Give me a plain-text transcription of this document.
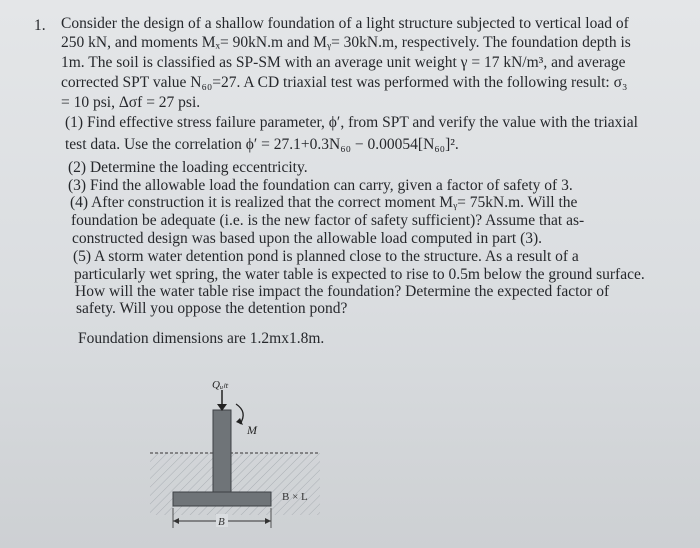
1. Consider the design of a shallow foundation of a light structure subjected to vertical load of
250 kN, and moments Mₓ= 90kN.m and Mᵧ= 30kN.m, respectively. The foundation depth is
1m. The soil is classified as SP-SM with an average unit weight γ = 17 kN/m³, and average
corrected SPT value N₆₀=27. A CD triaxial test was performed with the following result: σ₃
= 10 psi, Δσf = 27 psi.
(1) Find effective stress failure parameter, ϕ′, from SPT and verify the value with the triaxial
test data. Use the correlation ϕ′ = 27.1+0.3N₆₀ − 0.00054[N₆₀]².
(2) Determine the loading eccentricity.
(3) Find the allowable load the foundation can carry, given a factor of safety of 3.
(4) After construction it is realized that the correct moment Mᵧ= 75kN.m. Will the
foundation be adequate (i.e. is the new factor of safety sufficient)? Assume that as-
constructed design was based upon the allowable load computed in part (3).
(5) A storm water detention pond is planned close to the structure. As a result of a
particularly wet spring, the water table is expected to rise to 0.5m below the ground surface.
How will the water table rise impact the foundation? Determine the expected factor of
safety. Will you oppose the detention pond?
Foundation dimensions are 1.2mx1.8m.
Qᵤₗₜ
M
B × L
B
